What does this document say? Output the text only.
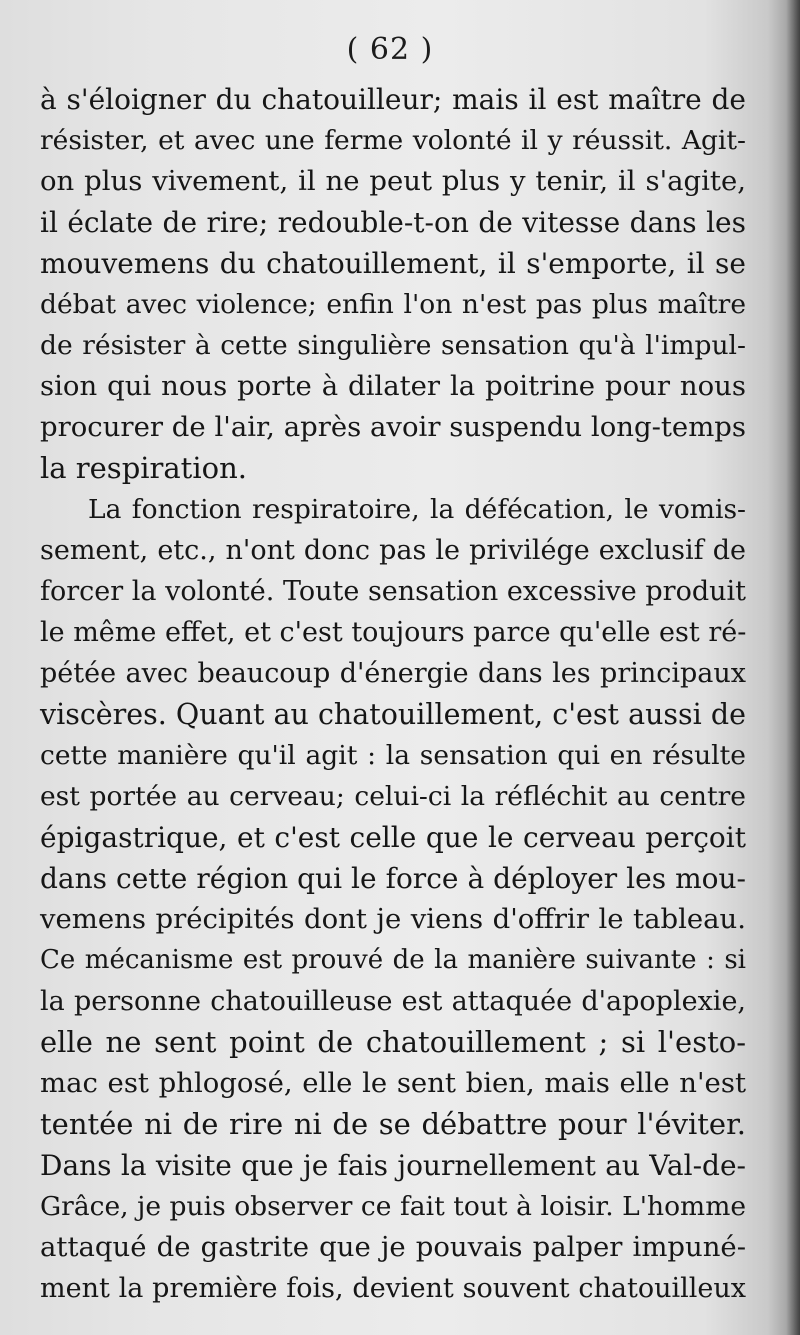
( 62 )
à s'éloigner du chatouilleur; mais il est maître de
résister, et avec une ferme volonté il y réussit. Agit-
on plus vivement, il ne peut plus y tenir, il s'agite,
il éclate de rire; redouble-t-on de vitesse dans les
mouvemens du chatouillement, il s'emporte, il se
débat avec violence; enfin l'on n'est pas plus maître
de résister à cette singulière sensation qu'à l'impul-
sion qui nous porte à dilater la poitrine pour nous
procurer de l'air, après avoir suspendu long-temps
la respiration.
La fonction respiratoire, la défécation, le vomis-
sement, etc., n'ont donc pas le privilége exclusif de
forcer la volonté. Toute sensation excessive produit
le même effet, et c'est toujours parce qu'elle est ré-
pétée avec beaucoup d'énergie dans les principaux
viscères. Quant au chatouillement, c'est aussi de
cette manière qu'il agit : la sensation qui en résulte
est portée au cerveau; celui-ci la réfléchit au centre
épigastrique, et c'est celle que le cerveau perçoit
dans cette région qui le force à déployer les mou-
vemens précipités dont je viens d'offrir le tableau.
Ce mécanisme est prouvé de la manière suivante : si
la personne chatouilleuse est attaquée d'apoplexie,
elle ne sent point de chatouillement ; si l'esto-
mac est phlogosé, elle le sent bien, mais elle n'est
tentée ni de rire ni de se débattre pour l'éviter.
Dans la visite que je fais journellement au Val-de-
Grâce, je puis observer ce fait tout à loisir. L'homme
attaqué de gastrite que je pouvais palper impuné-
ment la première fois, devient souvent chatouilleux
